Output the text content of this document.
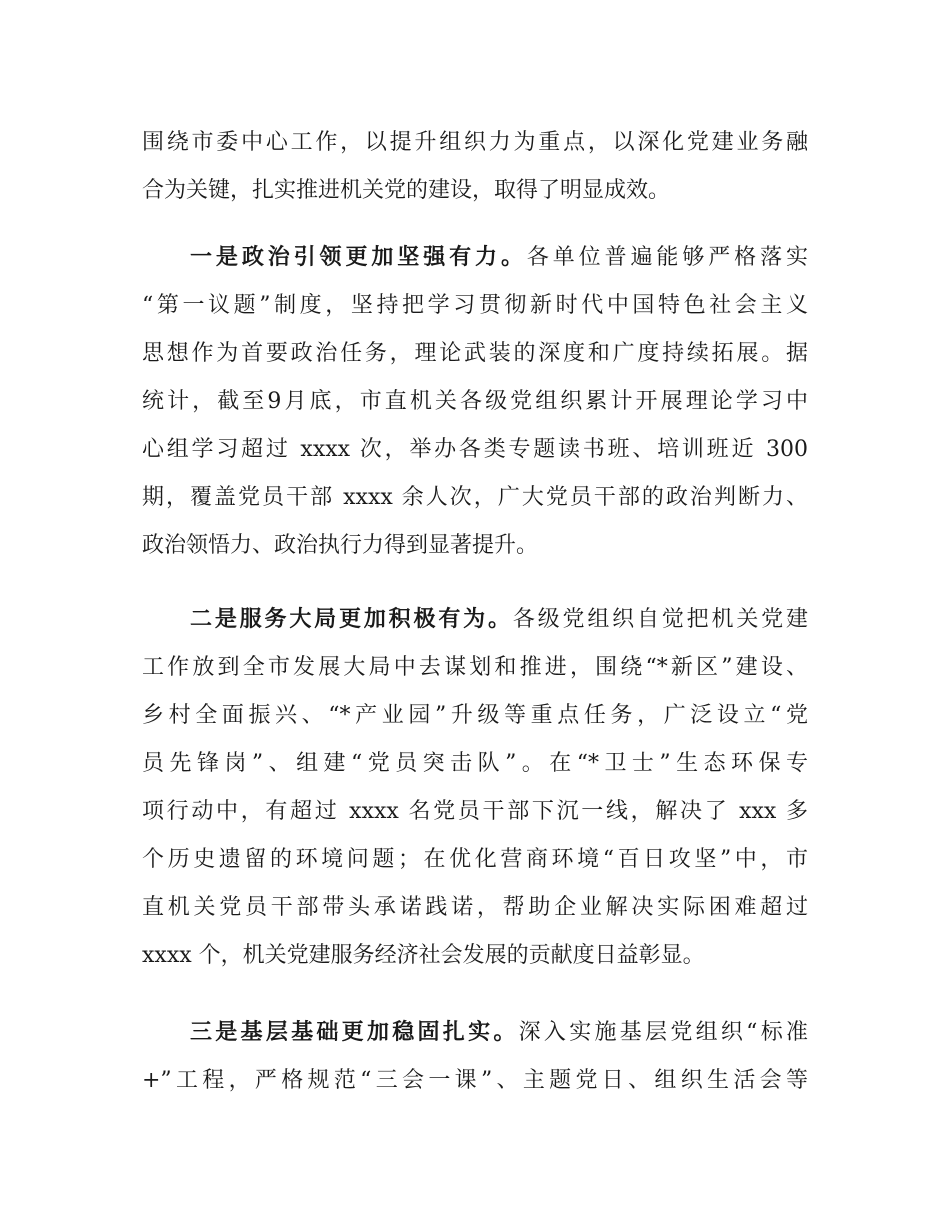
围绕市委中心工作，以提升组织力为重点，以深化党建业务融
合为关键，扎实推进机关党的建设，取得了明显成效。
一是政治引领更加坚强有力。各单位普遍能够严格落实
“第一议题”制度，坚持把学习贯彻新时代中国特色社会主义
思想作为首要政治任务，理论武装的深度和广度持续拓展。据
统计，截至9月底，市直机关各级党组织累计开展理论学习中
心组学习超过 xxxx 次，举办各类专题读书班、培训班近 300
期，覆盖党员干部 xxxx 余人次，广大党员干部的政治判断力、
政治领悟力、政治执行力得到显著提升。
二是服务大局更加积极有为。各级党组织自觉把机关党建
工作放到全市发展大局中去谋划和推进，围绕“*新区”建设、
乡村全面振兴、“*产业园”升级等重点任务，广泛设立“党
员先锋岗”、组建“党员突击队”。在“*卫士”生态环保专
项行动中，有超过 xxxx 名党员干部下沉一线，解决了 xxx 多
个历史遗留的环境问题；在优化营商环境“百日攻坚”中，市
直机关党员干部带头承诺践诺，帮助企业解决实际困难超过
xxxx 个，机关党建服务经济社会发展的贡献度日益彰显。
三是基层基础更加稳固扎实。深入实施基层党组织“标准
+”工程，严格规范“三会一课”、主题党日、组织生活会等
